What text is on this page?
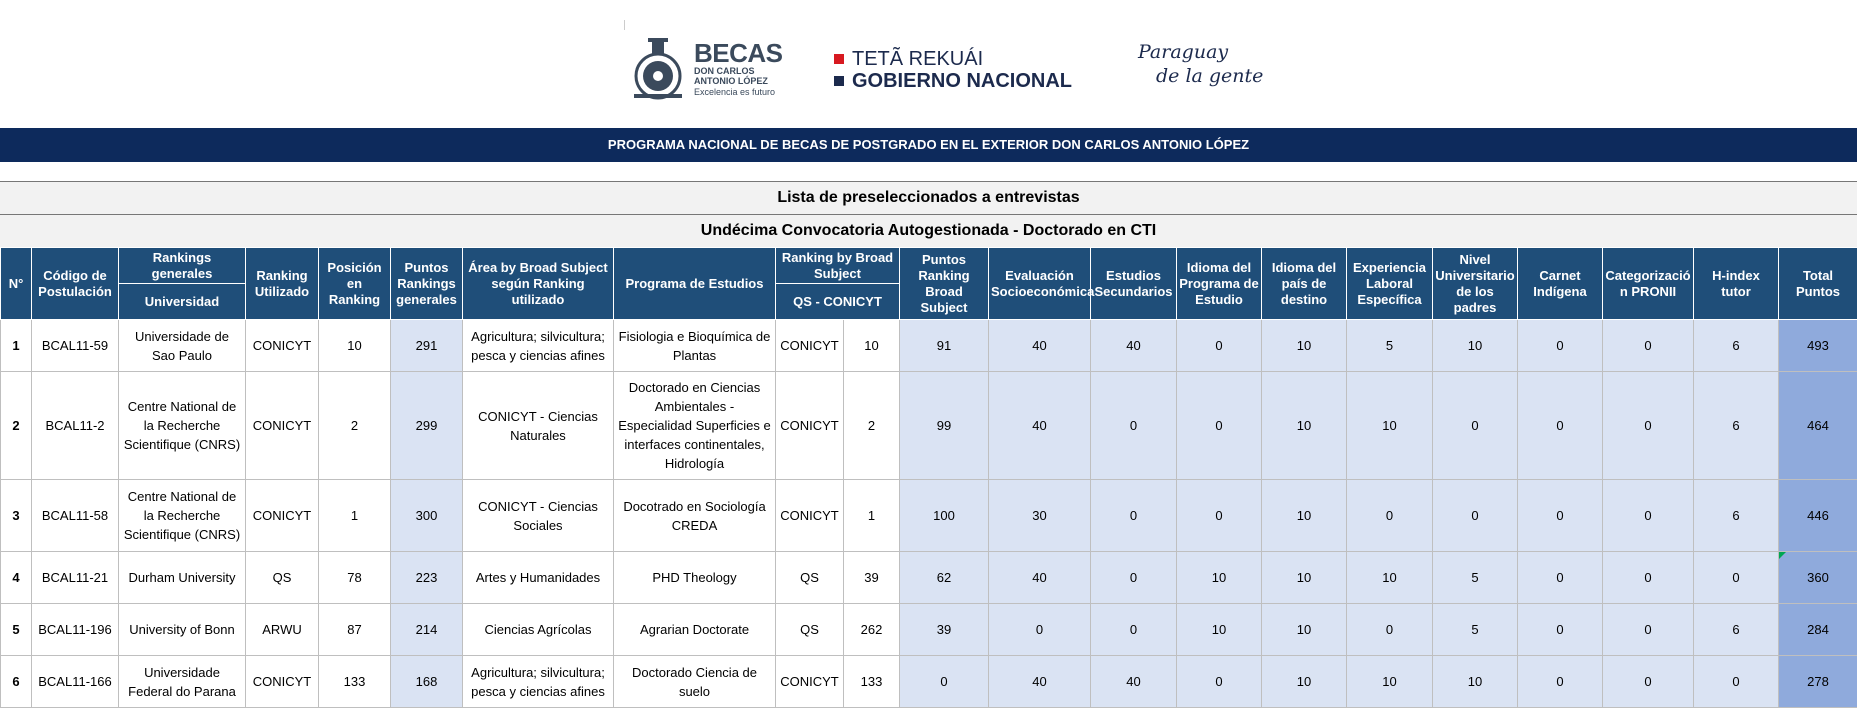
BECAS
DON CARLOS
ANTONIO LÓPEZ
Excelencia es futuro
TETÃ REKUÁI
GOBIERNO NACIONAL
Paraguay
de la gente
PROGRAMA NACIONAL DE BECAS DE POSTGRADO EN EL EXTERIOR DON CARLOS ANTONIO LÓPEZ
Lista de preseleccionados a entrevistas
Undécima Convocatoria Autogestionada - Doctorado en CTI
N°	Código de Postulación	Rankings generales	Ranking Utilizado	Posición en Ranking	Puntos Rankings generales	Área by Broad Subject según Ranking utilizado	Programa de Estudios	Ranking by Broad Subject		Puntos Ranking Broad Subject	Evaluación Socioeconómica	Estudios Secundarios	Idioma del Programa de Estudio	Idioma del país de destino	Experiencia Laboral Específica	Nivel Universitario de los padres	Carnet Indígena	Categorizació n PRONII	H-index tutor	Total Puntos
		Universidad						QS - CONICYT												
1	BCAL11-59	Universidade de Sao Paulo	CONICYT	10	291	Agricultura; silvicultura; pesca y ciencias afines	Fisiologia e Bioquímica de Plantas	CONICYT	10	91	40	40	0	10	5	10	0	0	6	493
2	BCAL11-2	Centre National de la Recherche Scientifique (CNRS)	CONICYT	2	299	CONICYT - Ciencias Naturales	Doctorado en Ciencias Ambientales - Especialidad Superficies e interfaces continentales, Hidrología	CONICYT	2	99	40	0	0	10	10	0	0	0	6	464
3	BCAL11-58	Centre National de la Recherche Scientifique (CNRS)	CONICYT	1	300	CONICYT - Ciencias Sociales	Docotrado en Sociología CREDA	CONICYT	1	100	30	0	0	10	0	0	0	0	6	446
4	BCAL11-21	Durham University	QS	78	223	Artes y Humanidades	PHD Theology	QS	39	62	40	0	10	10	10	5	0	0	0	360
5	BCAL11-196	University of Bonn	ARWU	87	214	Ciencias Agrícolas	Agrarian Doctorate	QS	262	39	0	0	10	10	0	5	0	0	6	284
6	BCAL11-166	Universidade Federal do Parana	CONICYT	133	168	Agricultura; silvicultura; pesca y ciencias afines	Doctorado Ciencia de suelo	CONICYT	133	0	40	40	0	10	10	10	0	0	0	278
